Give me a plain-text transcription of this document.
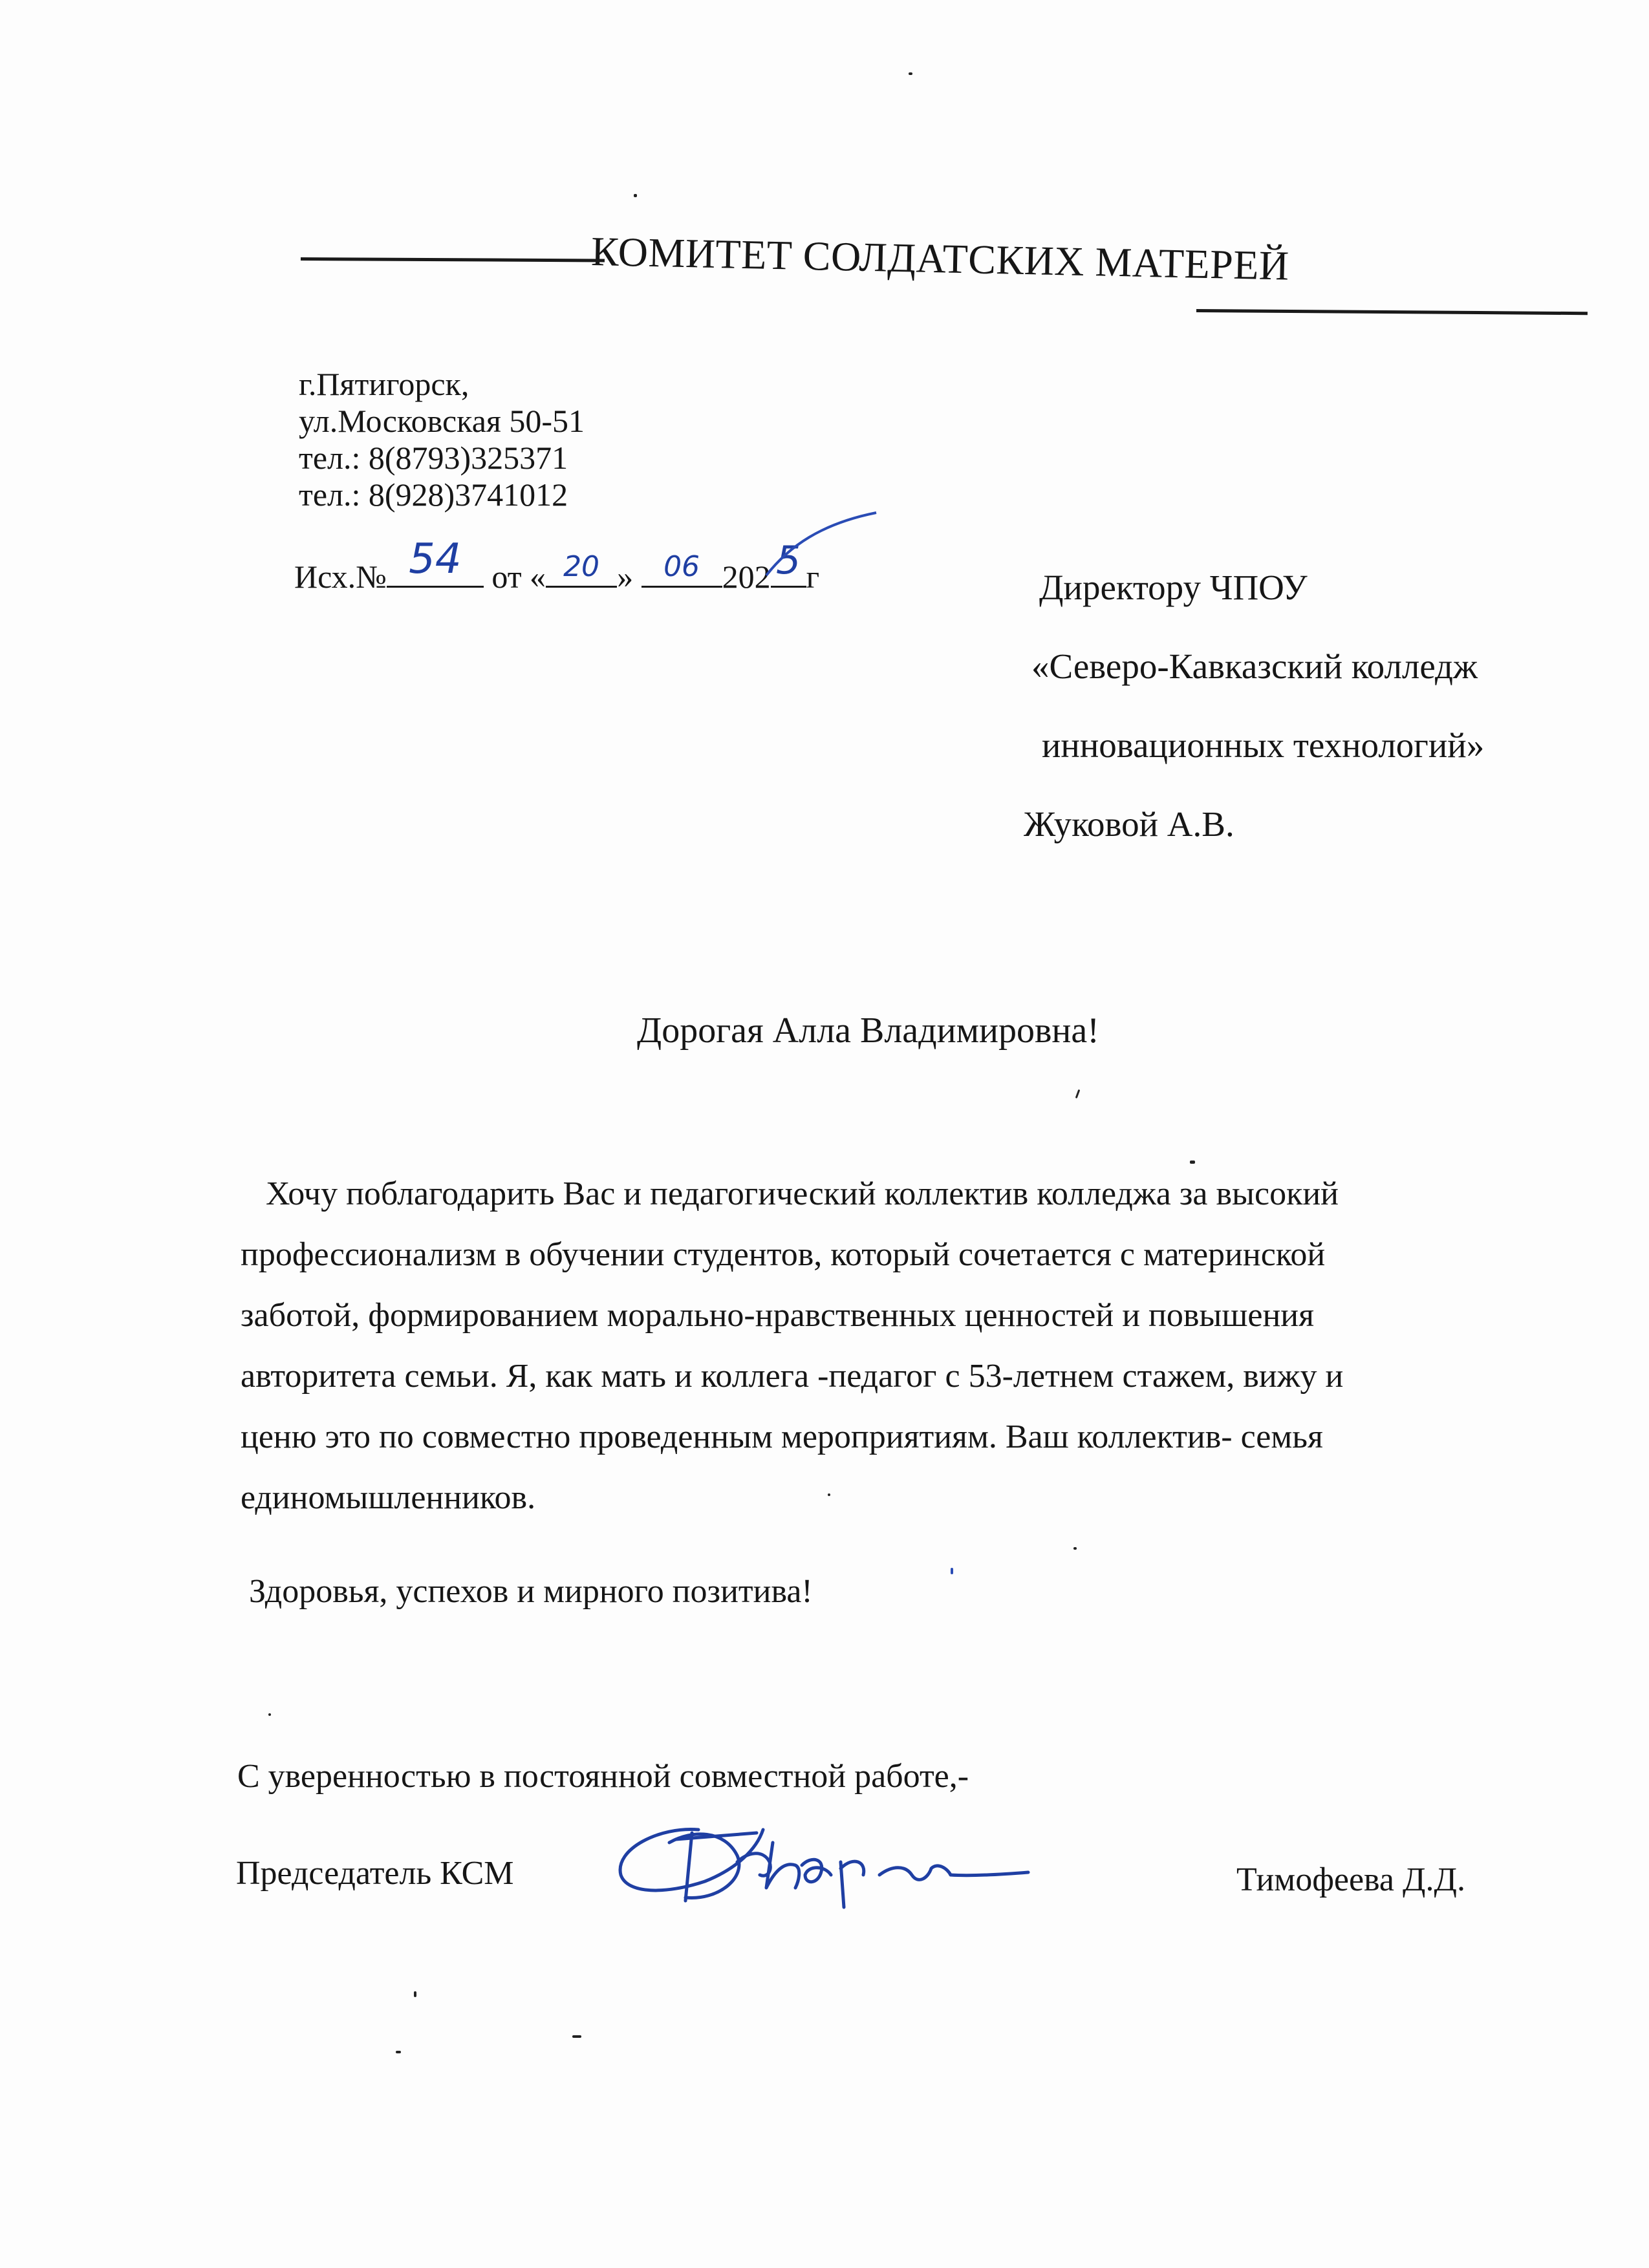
КОМИТЕТ СОЛДАТСКИХ МАТЕРЕЙ
г.Пятигорск,
ул.Московская 50-51
тел.: 8(8793)325371
тел.: 8(928)3741012
Исх.№ 54 от « 20 »	06 202 5 г	Директору ЧПОУ
«Северо-Кавказский колледж
инновационных технологий»
Жуковой А.В.
Дорогая Алла Владимировна!
Хочу поблагодарить Вас и педагогический коллектив колледжа за высокий
профессионализм в обучении студентов, который сочетается с материнской
заботой, формированием морально-нравственных ценностей и повышения
авторитета семьи. Я, как мать и коллега -педагог с 53-летнем стажем, вижу и
ценю это по совместно проведенным мероприятиям. Ваш коллектив- семья
единомышленников.
Здоровья, успехов и мирного позитива!
С уверенностью в постоянной совместной работе,-
Председатель КСМ	Тимофеева Д.Д.
